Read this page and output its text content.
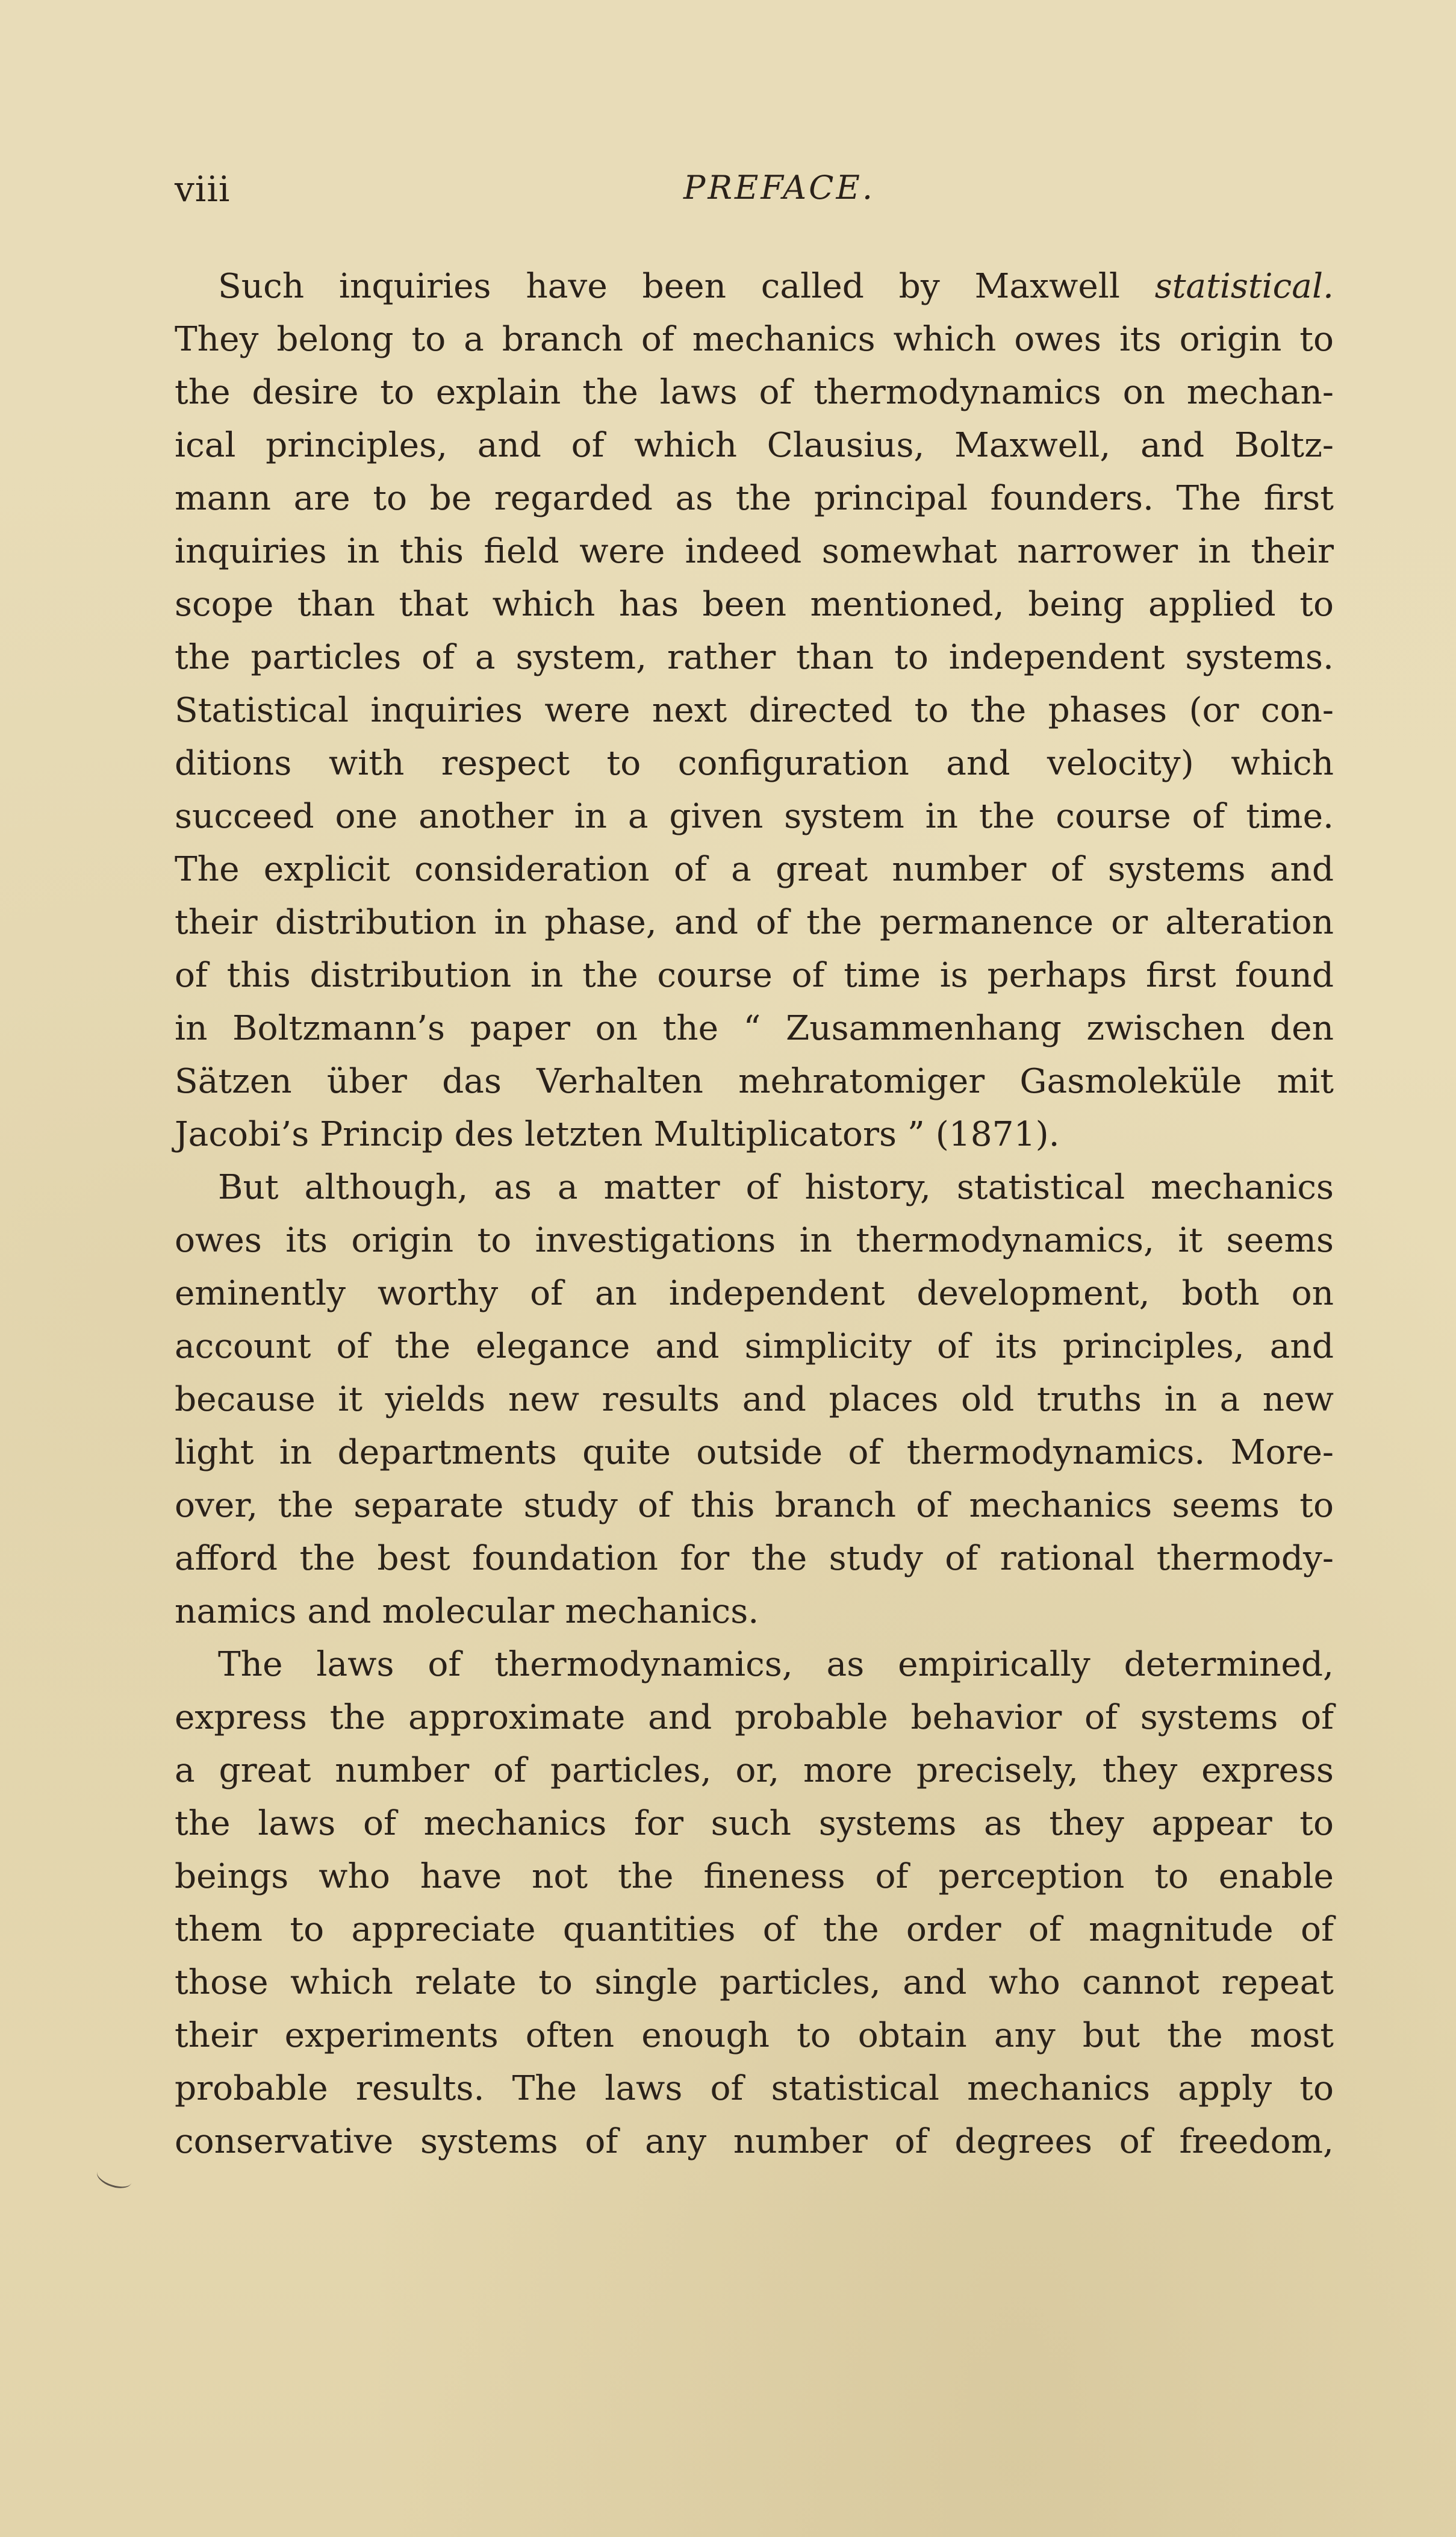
viii	PREFACE.

Such inquiries have been called by Maxwell statistical.
They belong to a branch of mechanics which owes its origin to
the desire to explain the laws of thermodynamics on mechan-
ical principles, and of which Clausius, Maxwell, and Boltz-
mann are to be regarded as the principal founders. The first
inquiries in this field were indeed somewhat narrower in their
scope than that which has been mentioned, being applied to
the particles of a system, rather than to independent systems.
Statistical inquiries were next directed to the phases (or con-
ditions with respect to configuration and velocity) which
succeed one another in a given system in the course of time.
The explicit consideration of a great number of systems and
their distribution in phase, and of the permanence or alteration
of this distribution in the course of time is perhaps first found
in Boltzmann’s paper on the “ Zusammenhang zwischen den
Sätzen über das Verhalten mehratomiger Gasmoleküle mit
Jacobi’s Princip des letzten Multiplicators ” (1871).

But although, as a matter of history, statistical mechanics
owes its origin to investigations in thermodynamics, it seems
eminently worthy of an independent development, both on
account of the elegance and simplicity of its principles, and
because it yields new results and places old truths in a new
light in departments quite outside of thermodynamics. More-
over, the separate study of this branch of mechanics seems to
afford the best foundation for the study of rational thermody-
namics and molecular mechanics.

The laws of thermodynamics, as empirically determined,
express the approximate and probable behavior of systems of
a great number of particles, or, more precisely, they express
the laws of mechanics for such systems as they appear to
beings who have not the fineness of perception to enable
them to appreciate quantities of the order of magnitude of
those which relate to single particles, and who cannot repeat
their experiments often enough to obtain any but the most
probable results. The laws of statistical mechanics apply to
conservative systems of any number of degrees of freedom,
